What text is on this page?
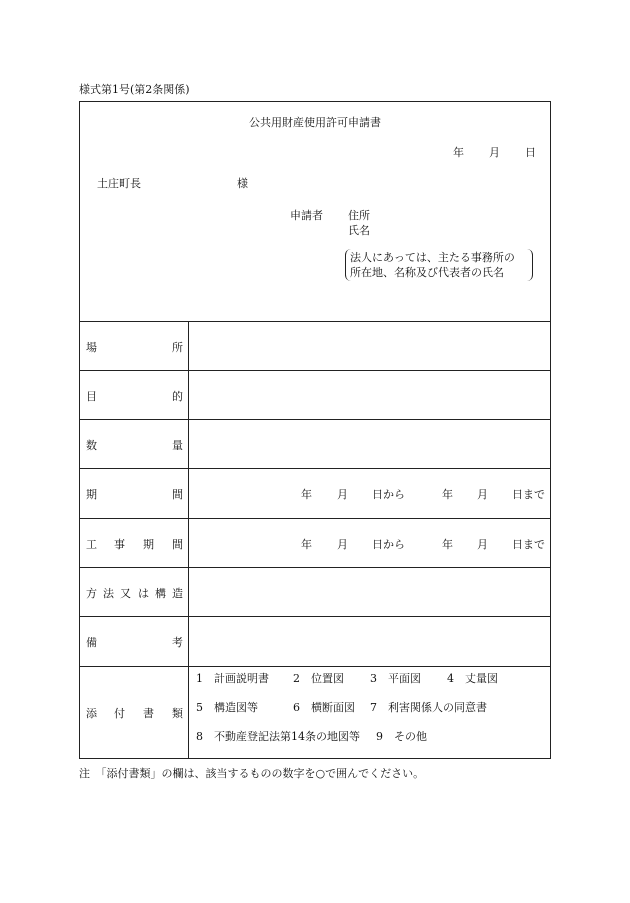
様式第1号(第2条関係)
公共用財産使用許可申請書
年 月 日
土庄町長	様
申請者 住所
氏名
法人にあっては、主たる事務所の
所在地、名称及び代表者の氏名
場	所
目	的
数	量
期	間	年 月 日から	年 月 日まで
工 事 期 間	年 月 日から	年 月 日まで
方 法 又 は 構 造
備	考
添 付 書 類
1　計画説明書 2　位置図 3　平面図 4　丈量図
5　構造図等	6　横断面図 7　利害関係人の同意書
8　不動産登記法第14条の地図等 9　その他
注　「添付書類」の欄は、該当するものの数字を○で囲んでください。
